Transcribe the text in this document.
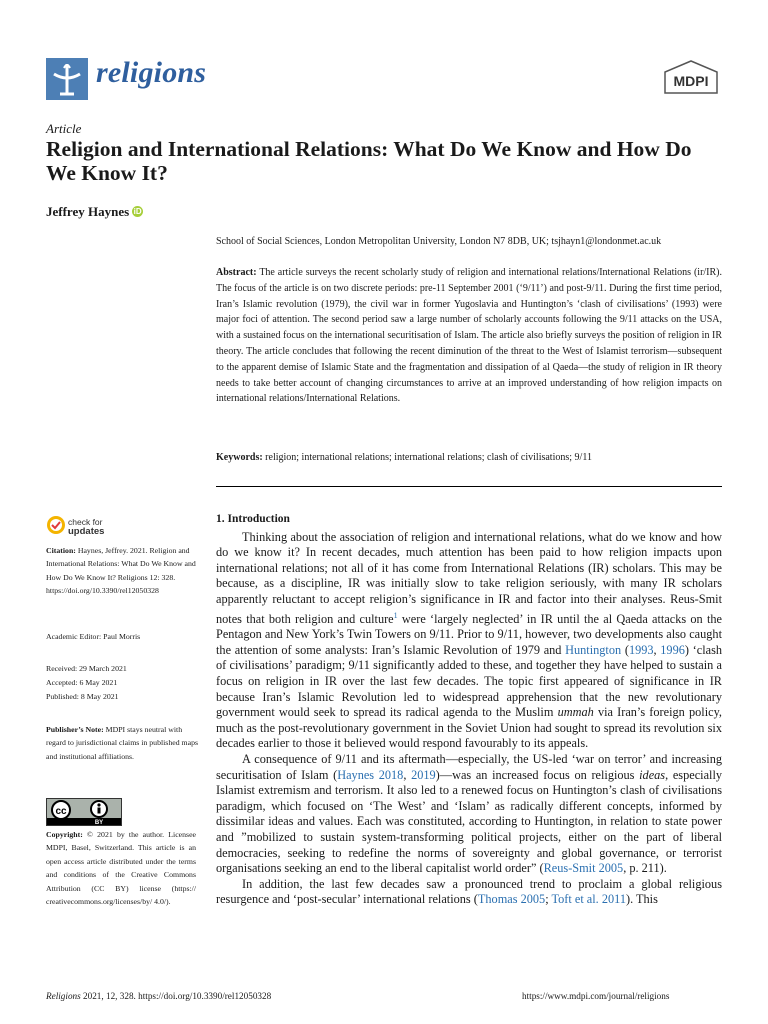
religions	MDPI
Article
Religion and International Relations: What Do We Know and How Do We Know It?
Jeffrey Haynes iD
School of Social Sciences, London Metropolitan University, London N7 8DB, UK; tsjhayn1@londonmet.ac.uk
Abstract: The article surveys the recent scholarly study of religion and international relations/International Relations (ir/IR). The focus of the article is on two discrete periods: pre-11 September 2001 (‘9/11’) and post-9/11. During the first time period, Iran’s Islamic revolution (1979), the civil war in former Yugoslavia and Huntington’s ‘clash of civilisations’ (1993) were major foci of attention. The second period saw a large number of scholarly accounts following the 9/11 attacks on the USA, with a sustained focus on the international securitisation of Islam. The article also briefly surveys the position of religion in IR theory. The article concludes that following the recent diminution of the threat to the West of Islamist terrorism—subsequent to the apparent demise of Islamic State and the fragmentation and dissipation of al Qaeda—the study of religion in IR theory needs to take better account of changing circumstances to arrive at an improved understanding of how religion impacts on international relations/International Relations.
Keywords: religion; international relations; international relations; clash of civilisations; 9/11
check for
updates
Citation: Haynes, Jeffrey. 2021. Religion and International Relations: What Do We Know and How Do We Know It? Religions 12: 328. https://doi.org/10.3390/rel12050328
Academic Editor: Paul Morris
Received: 29 March 2021
Accepted: 6 May 2021
Published: 8 May 2021
Publisher’s Note: MDPI stays neutral with regard to jurisdictional claims in published maps and institutional affiliations.
cc
BY
Copyright: © 2021 by the author. Licensee MDPI, Basel, Switzerland. This article is an open access article distributed under the terms and conditions of the Creative Commons Attribution (CC BY) license (https:// creativecommons.org/licenses/by/ 4.0/).
1. Introduction

Thinking about the association of religion and international relations, what do we know and how do we know it? In recent decades, much attention has been paid to how religion impacts upon international relations; not all of it has come from International Relations (IR) scholars. This may be because, as a discipline, IR was initially slow to take religion seriously, with many IR scholars apparently reluctant to accept religion’s significance in IR and factor into their analyses. Reus-Smit notes that both religion and culture$^1$ were ‘largely neglected’ in IR until the al Qaeda attacks on the Pentagon and New York’s Twin Towers on 9/11. Prior to 9/11, however, two developments also caught the attention of some analysts: Iran’s Islamic Revolution of 1979 and Huntington (1993, 1996) ‘clash of civilisations’ paradigm; 9/11 significantly added to these, and together they have helped to sustain a focus on religion in IR over the last few decades. The topic first appeared of significance in IR because Iran’s Islamic Revolution led to widespread apprehension that the new revolutionary government would seek to spread its radical agenda to the Muslim ummah via Iran’s foreign policy, much as the post-revolutionary government in the Soviet Union had sought to spread its revolution six decades earlier to those it believed would respond favourably to its appeals.

A consequence of 9/11 and its aftermath—especially, the US-led ‘war on terror’ and increasing securitisation of Islam (Haynes 2018, 2019)—was an increased focus on religious ideas, especially Islamist extremism and terrorism. It also led to a renewed focus on Huntington’s clash of civilisations paradigm, which focused on ‘The West’ and ‘Islam’ as radically different concepts, informed by dissimilar ideas and values. Each was constituted, according to Huntington, in relation to state power and ”mobilized to sustain system-transforming political projects, either on the part of liberal democracies, seeking to redefine the norms of sovereignty and global governance, or terrorist organisations seeking an end to the liberal capitalist world order” (Reus-Smit 2005, p. 211).

In addition, the last few decades saw a pronounced trend to proclaim a global religious resurgence and ‘post-secular’ international relations (Thomas 2005; Toft et al. 2011). This

Religions 2021, 12, 328. https://doi.org/10.3390/rel12050328	https://www.mdpi.com/journal/religions
